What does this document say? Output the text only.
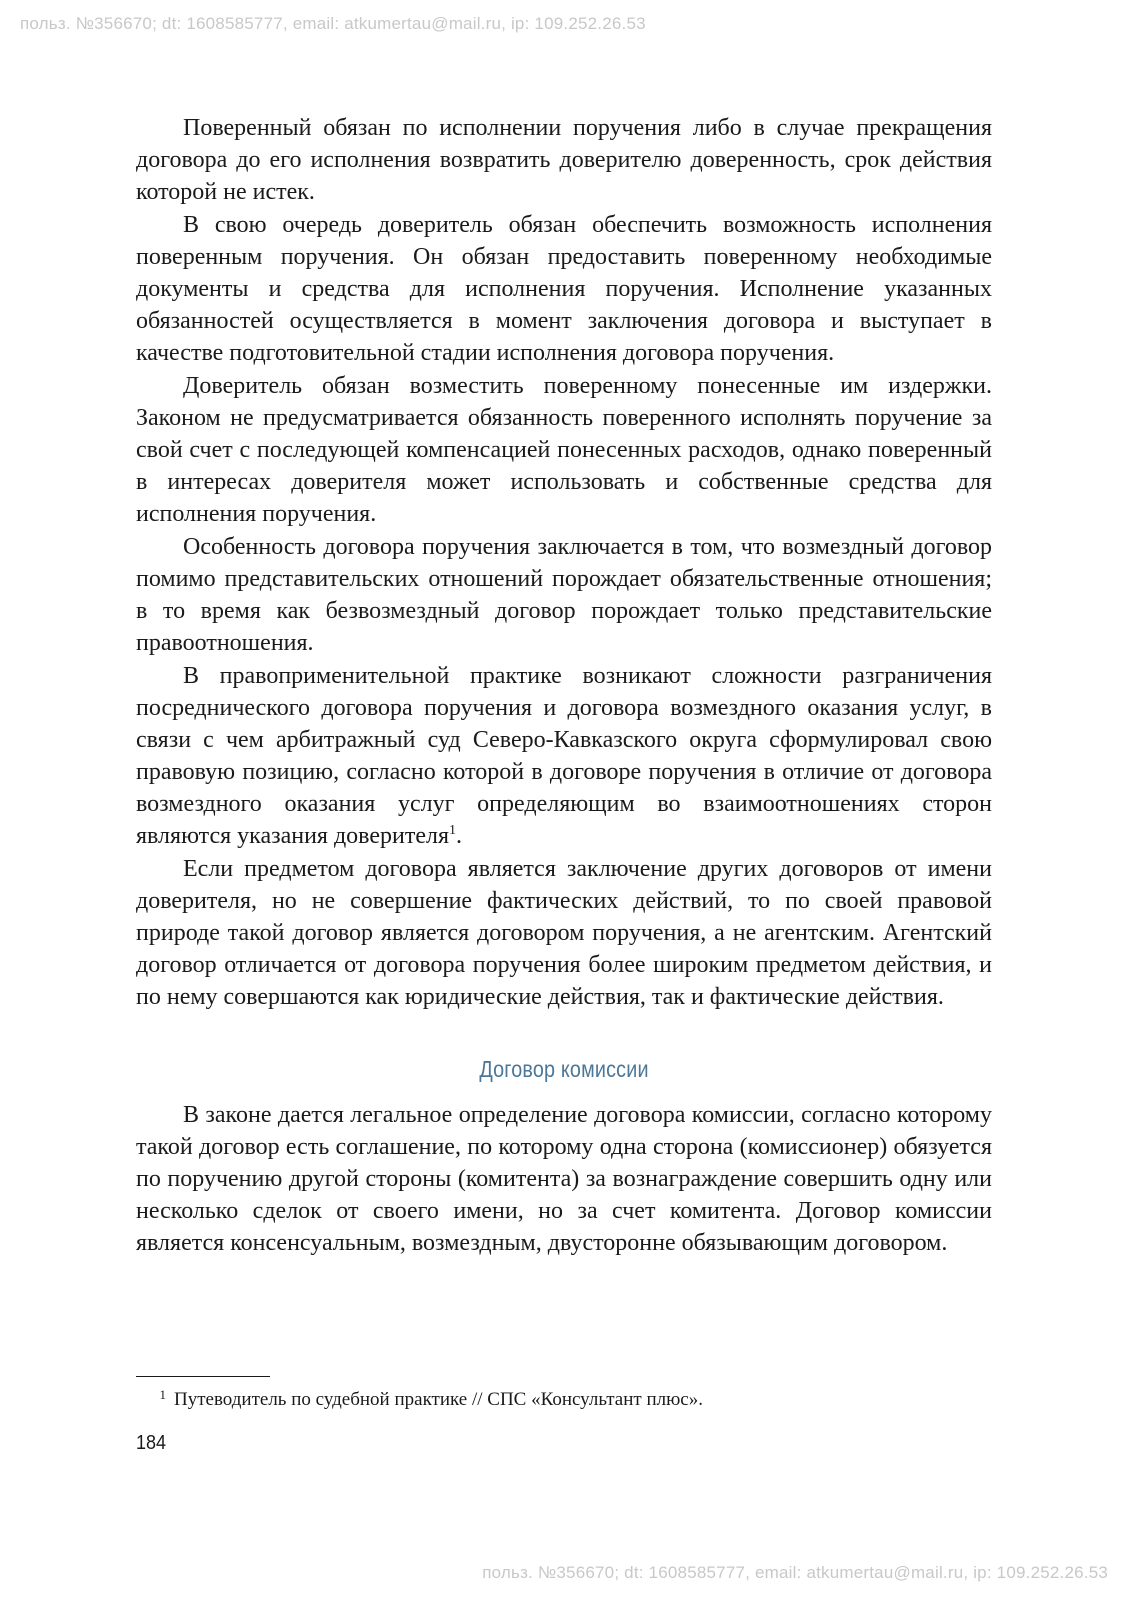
польз. №356670; dt: 1608585777, email: atkumertau@mail.ru, ip: 109.252.26.53

Поверенный обязан по исполнении поручения либо в случае прекращения договора до его исполнения возвратить доверителю доверенность, срок действия которой не истек.

В свою очередь доверитель обязан обеспечить возможность исполнения поверенным поручения. Он обязан предоставить поверенному необходимые документы и средства для исполнения поручения. Исполнение указанных обязанностей осуществляется в момент заключения договора и выступает в качестве подготовительной стадии исполнения договора поручения.

Доверитель обязан возместить поверенному понесенные им издержки. Законом не предусматривается обязанность поверенного исполнять поручение за свой счет с последующей компенсацией понесенных расходов, однако поверенный в интересах доверителя может использовать и собственные средства для исполнения поручения.

Особенность договора поручения заключается в том, что возмездный договор помимо представительских отношений порождает обязательственные отношения; в то время как безвозмездный договор порождает только представительские правоотношения.

В правоприменительной практике возникают сложности разграничения посреднического договора поручения и договора возмездного оказания услуг, в связи с чем арбитражный суд Северо-Кавказского округа сформулировал свою правовую позицию, согласно которой в договоре поручения в отличие от договора возмездного оказания услуг определяющим во взаимоотношениях сторон являются указания доверителя$^1$.

Если предметом договора является заключение других договоров от имени доверителя, но не совершение фактических действий, то по своей правовой природе такой договор является договором поручения, а не агентским. Агентский договор отличается от договора поручения более широким предметом действия, и по нему совершаются как юридические действия, так и фактические действия.

Договор комиссии

В законе дается легальное определение договора комиссии, согласно которому такой договор есть соглашение, по которому одна сторона (комиссионер) обязуется по поручению другой стороны (комитента) за вознаграждение совершить одну или несколько сделок от своего имени, но за счет комитента. Договор комиссии является консенсуальным, возмездным, двусторонне обязывающим договором.

1 Путеводитель по судебной практике // СПС «Консультант плюс».
184
польз. №356670; dt: 1608585777, email: atkumertau@mail.ru, ip: 109.252.26.53
